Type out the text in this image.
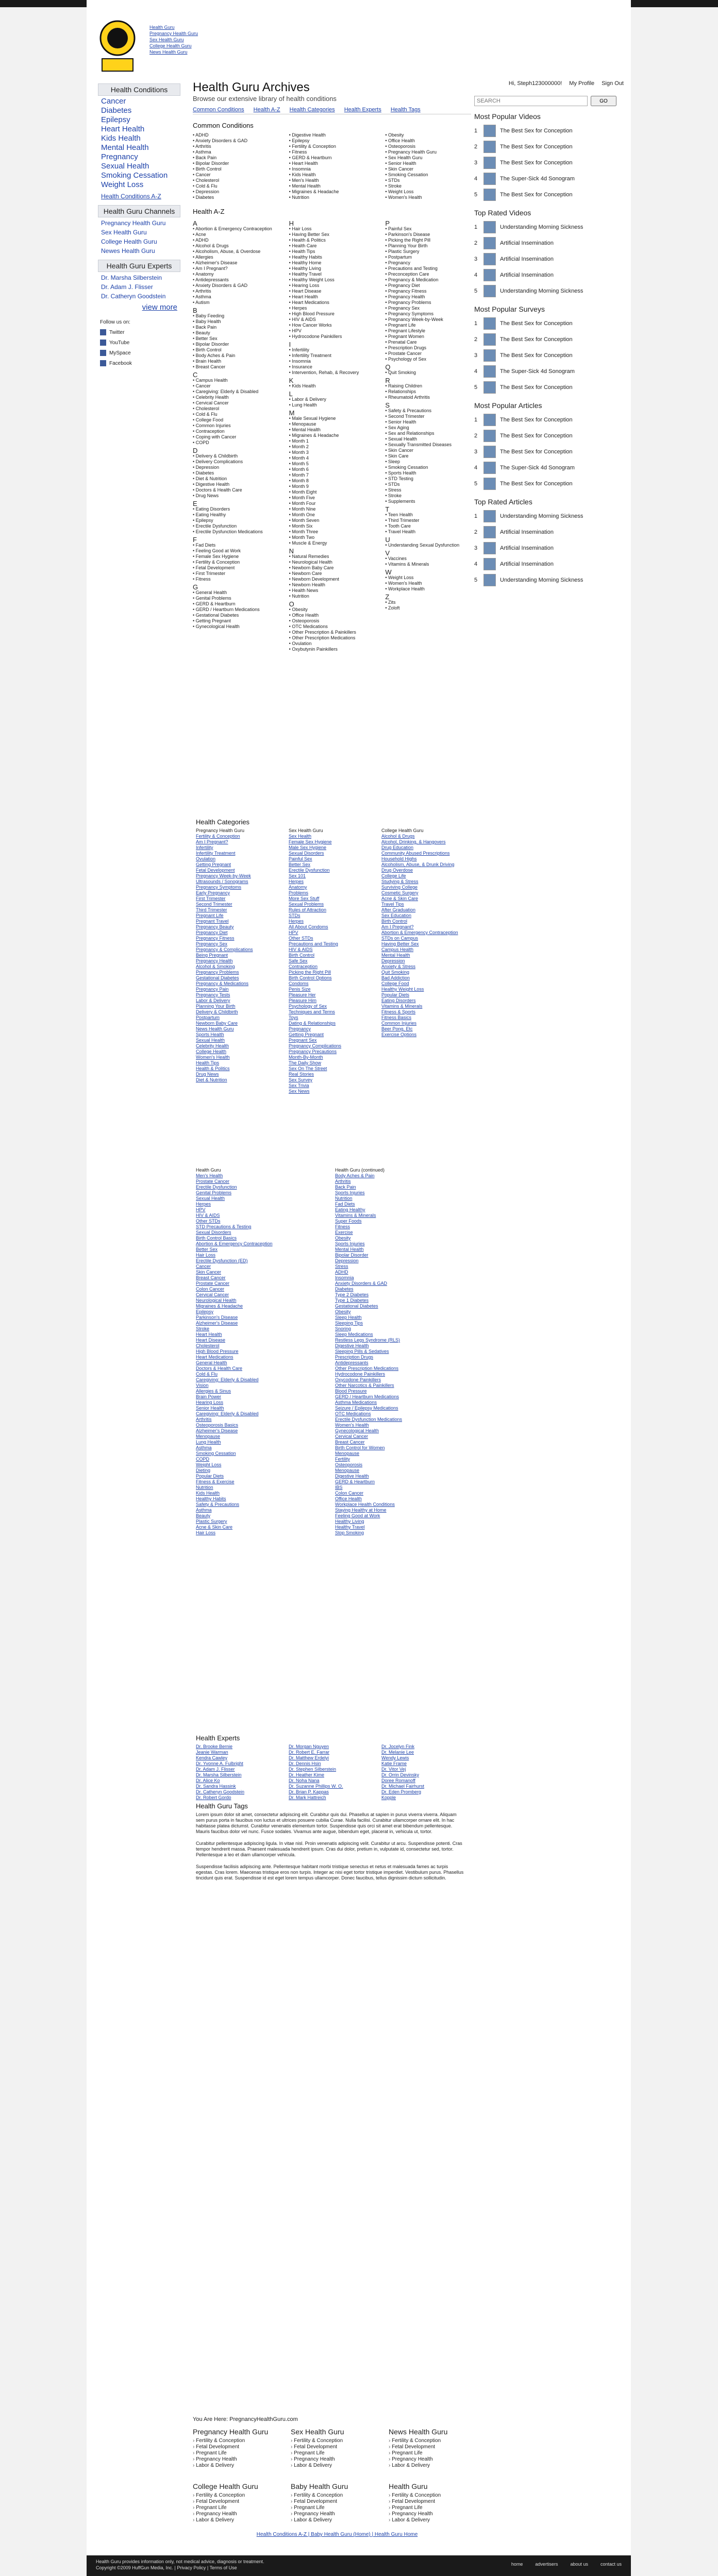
Health Guru
Pregnancy Health Guru
Sex Health Guru
College Health Guru
News Health Guru
Health Conditions
Cancer
Diabetes
Epilepsy
Heart Health
Kids Health
Mental Health
Pregnancy
Sexual Health
Smoking Cessation
Weight Loss
Health Conditions A-Z
Health Guru Channels
Pregnancy Health Guru
Sex Health Guru
College Health Guru
Newes Health Guru
Health Guru Experts
Dr. Marsha Silberstein
Dr. Adam J. Flisser
Dr. Catheryn Goodstein
view more
Follow us on:
Twitter
YouTube
MySpace
Facebook
Health Guru Archives
Browse our extensive library of health conditions
Common Conditions Health A-Z Health Categories Health Experts Health Tags
Common Conditions
• ADHD
• Anxiety Disorders & GAD
• Arthritis
• Asthma
• Back Pain
• Bipolar Disorder
• Birth Control
• Cancer
• Cholesterol
• Cold & Flu
• Depression
• Diabetes
• Digestive Health
• Epilepsy
• Fertility & Conception
• Fitness
• GERD & Heartburn
• Heart Health
• Insomnia
• Kids Health
• Men's Health
• Mental Health
• Migraines & Headache
• Nutrition
• Obesity
• Office Health
• Osteoporosis
• Pregnancy Health Guru
• Sex Health Guru
• Senior Health
• Skin Cancer
• Smoking Cessation
• STDs
• Stroke
• Weight Loss
• Women's Health
Health A-Z
A
• Abortion & Emergency Contraception
• Acne
• ADHD
• Alcohol & Drugs
• Alcoholism, Abuse, & Overdose
• Allergies
• Alzheimer's Disease
• Am I Pregnant?
• Anatomy
• Antidepressants
• Anxiety Disorders & GAD
• Arthritis
• Asthma
• Autism
B
• Baby Feeding
• Baby Health
• Back Pain
• Beauty
• Better Sex
• Bipolar Disorder
• Birth Control
• Body Aches & Pain
• Brain Health
• Breast Cancer
C
• Campus Health
• Cancer
• Caregiving: Elderly & Disabled
• Celebrity Health
• Cervical Cancer
• Cholesterol
• Cold & Flu
• College Food
• Common Injuries
• Contraception
• Coping with Cancer
• COPD
D
• Delivery & Childbirth
• Delivery Complications
• Depression
• Diabetes
• Diet & Nutrition
• Digestive Health
• Doctors & Health Care
• Drug News
E
• Eating Disorders
• Eating Healthy
• Epilepsy
• Erectile Dysfunction
• Erectile Dysfunction Medications
F
• Fad Diets
• Feeling Good at Work
• Female Sex Hygiene
• Fertility & Conception
• Fetal Development
• First Trimester
• Fitness
G
• General Health
• Genital Problems
• GERD & Heartburn
• GERD / Heartburn Medications
• Gestational Diabetes
• Getting Pregnant
• Gynecological Health
H
• Hair Loss
• Having Better Sex
• Health & Politics
• Health Care
• Health Tips
• Healthy Habits
• Healthy Home
• Healthy Living
• Healthy Travel
• Healthy Weight Loss
• Hearing Loss
• Heart Disease
• Heart Health
• Heart Medications
• Herpes
• High Blood Pressure
• HIV & AIDS
• How Cancer Works
• HPV
• Hydrocodone Painkillers
I
• Infertility
• Infertility Treatment
• Insomnia
• Insurance
• Intervention, Rehab, & Recovery
K
• Kids Health
L
• Labor & Delivery
• Lung Health
M
• Male Sexual Hygiene
• Menopause
• Mental Health
• Migraines & Headache
• Month 1
• Month 2
• Month 3
• Month 4
• Month 5
• Month 6
• Month 7
• Month 8
• Month 9
• Month Eight
• Month Five
• Month Four
• Month Nine
• Month One
• Month Seven
• Month Six
• Month Three
• Month Two
• Muscle & Energy
N
• Natural Remedies
• Neurological Health
• Newborn Baby Care
• Newborn Care
• Newborn Development
• Newborn Health
• Health News
• Nutrition
O
• Obesity
• Office Health
• Osteoporosis
• OTC Medications
• Other Prescription & Painkillers
• Other Prescription Medications
• Ovulation
• Oxybutynin Painkillers
P
• Painful Sex
• Parkinson's Disease
• Picking the Right Pill
• Planning Your Birth
• Plastic Surgery
• Postpartum
• Pregnancy
• Precautions and Testing
• Preconception Care
• Pregnancy & Medication
• Pregnancy Diet
• Pregnancy Fitness
• Pregnancy Health
• Pregnancy Problems
• Pregnancy Sex
• Pregnancy Symptoms
• Pregnancy Week-by-Week
• Pregnant Life
• Pregnant Lifestyle
• Pregnant Women
• Prenatal Care
• Prescription Drugs
• Prostate Cancer
• Psychology of Sex
Q
• Quit Smoking
R
• Raising Children
• Relationships
• Rheumatoid Arthritis
S
• Safety & Precautions
• Second Trimester
• Senior Health
• Sex Aging
• Sex and Relationships
• Sexual Health
• Sexually Transmitted Diseases
• Skin Cancer
• Skin Care
• Sleep
• Smoking Cessation
• Sports Health
• STD Testing
• STDs
• Stress
• Stroke
• Supplements
T
• Teen Health
• Third Trimester
• Tooth Care
• Travel Health
U
• Understanding Sexual Dysfunction
V
• Vaccines
• Vitamins & Minerals
W
• Weight Loss
• Women's Health
• Workplace Health
Z
• Zits
• Zoloft
Hi, Steph123000000! My Profile Sign Out
SEARCH
GO
Most Popular Videos
1	The Best Sex for Conception
2	The Best Sex for Conception
3	The Best Sex for Conception
4	The Super-Sick 4d Sonogram
5	The Best Sex for Conception
Top Rated Videos
1	Understanding Morning Sickness
2	Artificial Insemination
3	Artificial Insemination
4	Artificial Insemination
5	Understanding Morning Sickness
Most Popular Surveys
1	The Best Sex for Conception
2	The Best Sex for Conception
3	The Best Sex for Conception
4	The Super-Sick 4d Sonogram
5	The Best Sex for Conception
Most Popular Articles
1	The Best Sex for Conception
2	The Best Sex for Conception
3	The Best Sex for Conception
4	The Super-Sick 4d Sonogram
5	The Best Sex for Conception
Top Rated Articles
1	Understanding Morning Sickness
2	Artificial Insemination
3	Artificial Insemination
4	Artificial Insemination
5	Understanding Morning Sickness
Health Categories
Pregnancy Health Guru
Fertility & Conception
Am I Pregnant?
Infertility
Infertility Treatment
Ovulation
Getting Pregnant
Fetal Development
Pregnancy Week-by-Week
Ultrasounds / Sonograms
Pregnancy Symptoms
Early Pregnancy
First Trimester
Second Trimester
Third Trimester
Pregnant Life
Pregnant Travel
Pregnancy Beauty
Pregnancy Diet
Pregnancy Fitness
Pregnancy Sex
Pregnancy & Complications
Being Pregnant
Pregnancy Health
Alcohol & Smoking
Pregnancy Problems
Gestational Diabetes
Pregnancy & Medications
Pregnancy Pain
Pregnancy Tests
Labor & Delivery
Planning Your Birth
Delivery & Childbirth
Postpartum
Newborn Baby Care
News Health Guru
Sports Health
Sexual Health
Celebrity Health
College Health
Women's Health
Health Tips
Health & Politics
Drug News
Diet & Nutrition
Sex Health Guru
Sex Health
Female Sex Hygiene
Male Sex Hygiene
Sexual Disorders
Painful Sex
Better Sex
Erectile Dysfunction
Sex 101
Herpes
Anatomy
Problems
More Sex Stuff
Sexual Problems
Rules of Attraction
STDs
Herpes
All About Condoms
HPV
Other STDs
Precautions and Testing
HIV & AIDS
Birth Control
Safe Sex
Contraception
Picking the Right Pill
Birth Control Options
Condoms
Penis Size
Pleasure Her
Pleasure Him
Psychology of Sex
Techniques and Terms
Toys
Dating & Relationships
Pregnancy
Getting Pregnant
Pregnant Sex
Pregnancy Complications
Pregnancy Precautions
Month-By-Month
The Daily Show
Sex On The Street
Real Stories
Sex Survey
Sex Trivia
Sex News
College Health Guru
Alcohol & Drugs
Alcohol, Drinking, & Hangovers
Drug Education
Community Abused Prescriptions
Household Highs
Alcoholism, Abuse, & Drunk Driving
Drug Overdose
College Life
Studying & Stress
Surviving College
Cosmetic Surgery
Acne & Skin Care
Travel Tips
After Graduation
Sex Education
Birth Control
Am I Pregnant?
Abortion & Emergency Contraception
STDs on Campus
Having Better Sex
Campus Health
Mental Health
Depression
Anxiety & Stress
Quit Smoking
Bad Addiction
College Food
Healthy Weight Loss
Popular Diets
Eating Disorders
Vitamins & Minerals
Fitness & Sports
Fitness Basics
Common Injuries
Beer Pong, Etc
Exercise Options
Health Guru
Men's Health
Prostate Cancer
Erectile Dysfunction
Genital Problems
Sexual Health
Herpes
HPV
HIV & AIDS
Other STDs
STD Precautions & Testing
Sexual Disorders
Birth Control Basics
Abortion & Emergency Contraception
Better Sex
Hair Loss
Erectile Dysfunction (ED)
Cancer
Skin Cancer
Breast Cancer
Prostate Cancer
Colon Cancer
Cervical Cancer
Neurological Health
Migraines & Headache
Epilepsy
Parkinson's Disease
Alzheimer's Disease
Stroke
Heart Health
Heart Disease
Cholesterol
High Blood Pressure
Heart Medications
General Health
Doctors & Health Care
Cold & Flu
Caregiving: Elderly & Disabled
Vision
Allergies & Sinus
Brain Power
Hearing Loss
Senior Health
Caregiving: Elderly & Disabled
Arthritis
Osteoporosis Basics
Alzheimer's Disease
Menopause
Lung Health
Asthma
Smoking Cessation
COPD
Weight Loss
Dieting
Popular Diets
Fitness & Exercise
Nutrition
Kids Health
Healthy Habits
Safety & Precautions
Asthma
Beauty
Plastic Surgery
Acne & Skin Care
Hair Loss
Health Guru (continued)
Body Aches & Pain
Arthritis
Back Pain
Sports Injuries
Nutrition
Fad Diets
Eating Healthy
Vitamins & Minerals
Super Foods
Fitness
Exercise
Obesity
Sports Injuries
Mental Health
Bipolar Disorder
Depression
Stress
ADHD
Insomnia
Anxiety Disorders & GAD
Diabetes
Type 2 Diabetes
Type 1 Diabetes
Gestational Diabetes
Obesity
Sleep Health
Sleeping Tips
Snoring
Sleep Medications
Restless Legs Syndrome (RLS)
Digestive Health
Sleeping Pills & Sedatives
Prescription Drugs
Antidepressants
Other Prescription Medications
Hydrocodone Painkillers
Oxycodone Painkillers
Other Narcotics & Painkillers
Blood Pressure
GERD / Heartburn Medications
Asthma Medications
Seizure / Epilepsy Medications
OTC Medications
Erectile Dysfunction Medications
Women's Health
Gynecological Health
Cervical Cancer
Breast Cancer
Birth Control for Women
Menopause
Fertility
Osteoporosis
Menopause
Digestive Health
GERD & Heartburn
IBS
Colon Cancer
Office Health
Workplace Health Conditions
Staying Healthy at Home
Feeling Good at Work
Healthy Living
Healthy Travel
Stop Smoking
Health Experts
Dr. Brooke Bernie
Jeanie Warman
Kendra Cawley
Dr. Yvonne A. Fulbright
Dr. Adam J. Flisser
Dr. Marsha Silberstein
Dr. Alice Ko
Dr. Sandra Hassink
Dr. Catheryn Goodstein
Dr. Robert Gordo
Dr. Morgan Nguyen
Dr. Robert E. Farrar
Dr. Matthew Erdelyi
Dr. Dennis Hsin
Dr. Stephen Silberstein
Dr. Heather Kime
Dr. Noha Nana
Dr. Suzanne Phillips W. O.
Dr. Brian P. Kappas
Dr. Mark Hattreich
Dr. Jocelyn Fink
Dr. Melanie Lee
Wendy Lewis
Katie Frame
Dr. Vitor Vej
Dr. Orrin Devinsky
Doree Romanoff
Dr. Michael Fairhurst
Dr. Eden Promberg
Kopple
Health Guru Tags

Lorem ipsum dolor sit amet, consectetur adipiscing elit. Curabitur quis dui. Phasellus at sapien in purus viverra viverra. Aliquam sem purus porta in faucibus non luctus et ultrices posuere cubilia Curae. Nulla facilisi. Curabitur ullamcorper ornare elit. In hac habitasse platea dictumst. Curabitur venenatis elementum tortor. Suspendisse quis orci sit amet erat bibendum pellentesque. Mauris faucibus dolor vel nunc. Fusce sodales. Vivamus ante augue, bibendum eget, placerat in, vehicula ut, tortor.

Curabitur pellentesque adipiscing ligula. In vitae nisl. Proin venenatis adipiscing velit. Curabitur ut arcu. Suspendisse potenti. Cras tempor hendrerit massa. Praesent malesuada hendrerit ipsum. Cras dui dolor, pretium in, vulputate id, consectetur sed, tortor. Pellentesque a leo et diam ullamcorper vehicula.

Suspendisse facilisis adipiscing ante. Pellentesque habitant morbi tristique senectus et netus et malesuada fames ac turpis egestas. Cras lorem. Maecenas tristique eros non turpis. Integer ac nisi eget tortor tristique imperdiet. Vestibulum purus. Phasellus tincidunt quis erat. Suspendisse id est eget lorem tempus ullamcorper. Donec faucibus, tellus dignissim dictum sollicitudin.

You Are Here: PregnancyHealthGuru.com
Pregnancy Health Guru
› Fertility & Conception
› Fetal Development
› Pregnant Life
› Pregnancy Health
› Labor & Delivery
Sex Health Guru
› Fertility & Conception
› Fetal Development
› Pregnant Life
› Pregnancy Health
› Labor & Delivery
News Health Guru
› Fertility & Conception
› Fetal Development
› Pregnant Life
› Pregnancy Health
› Labor & Delivery
College Health Guru
› Fertility & Conception
› Fetal Development
› Pregnant Life
› Pregnancy Health
› Labor & Delivery
Baby Health Guru
› Fertility & Conception
› Fetal Development
› Pregnant Life
› Pregnancy Health
› Labor & Delivery
Health Guru
› Fertility & Conception
› Fetal Development
› Pregnant Life
› Pregnancy Health
› Labor & Delivery
Health Conditions A-Z | Baby Health Guru (Home) | Health Guru Home
Health Guru provides information only, not medical advice, diagnosis or treatment.
Copyright ©2009 HuffGun Media, Inc. | Privacy Policy | Terms of Use
home	advertisers	about us	contact us
